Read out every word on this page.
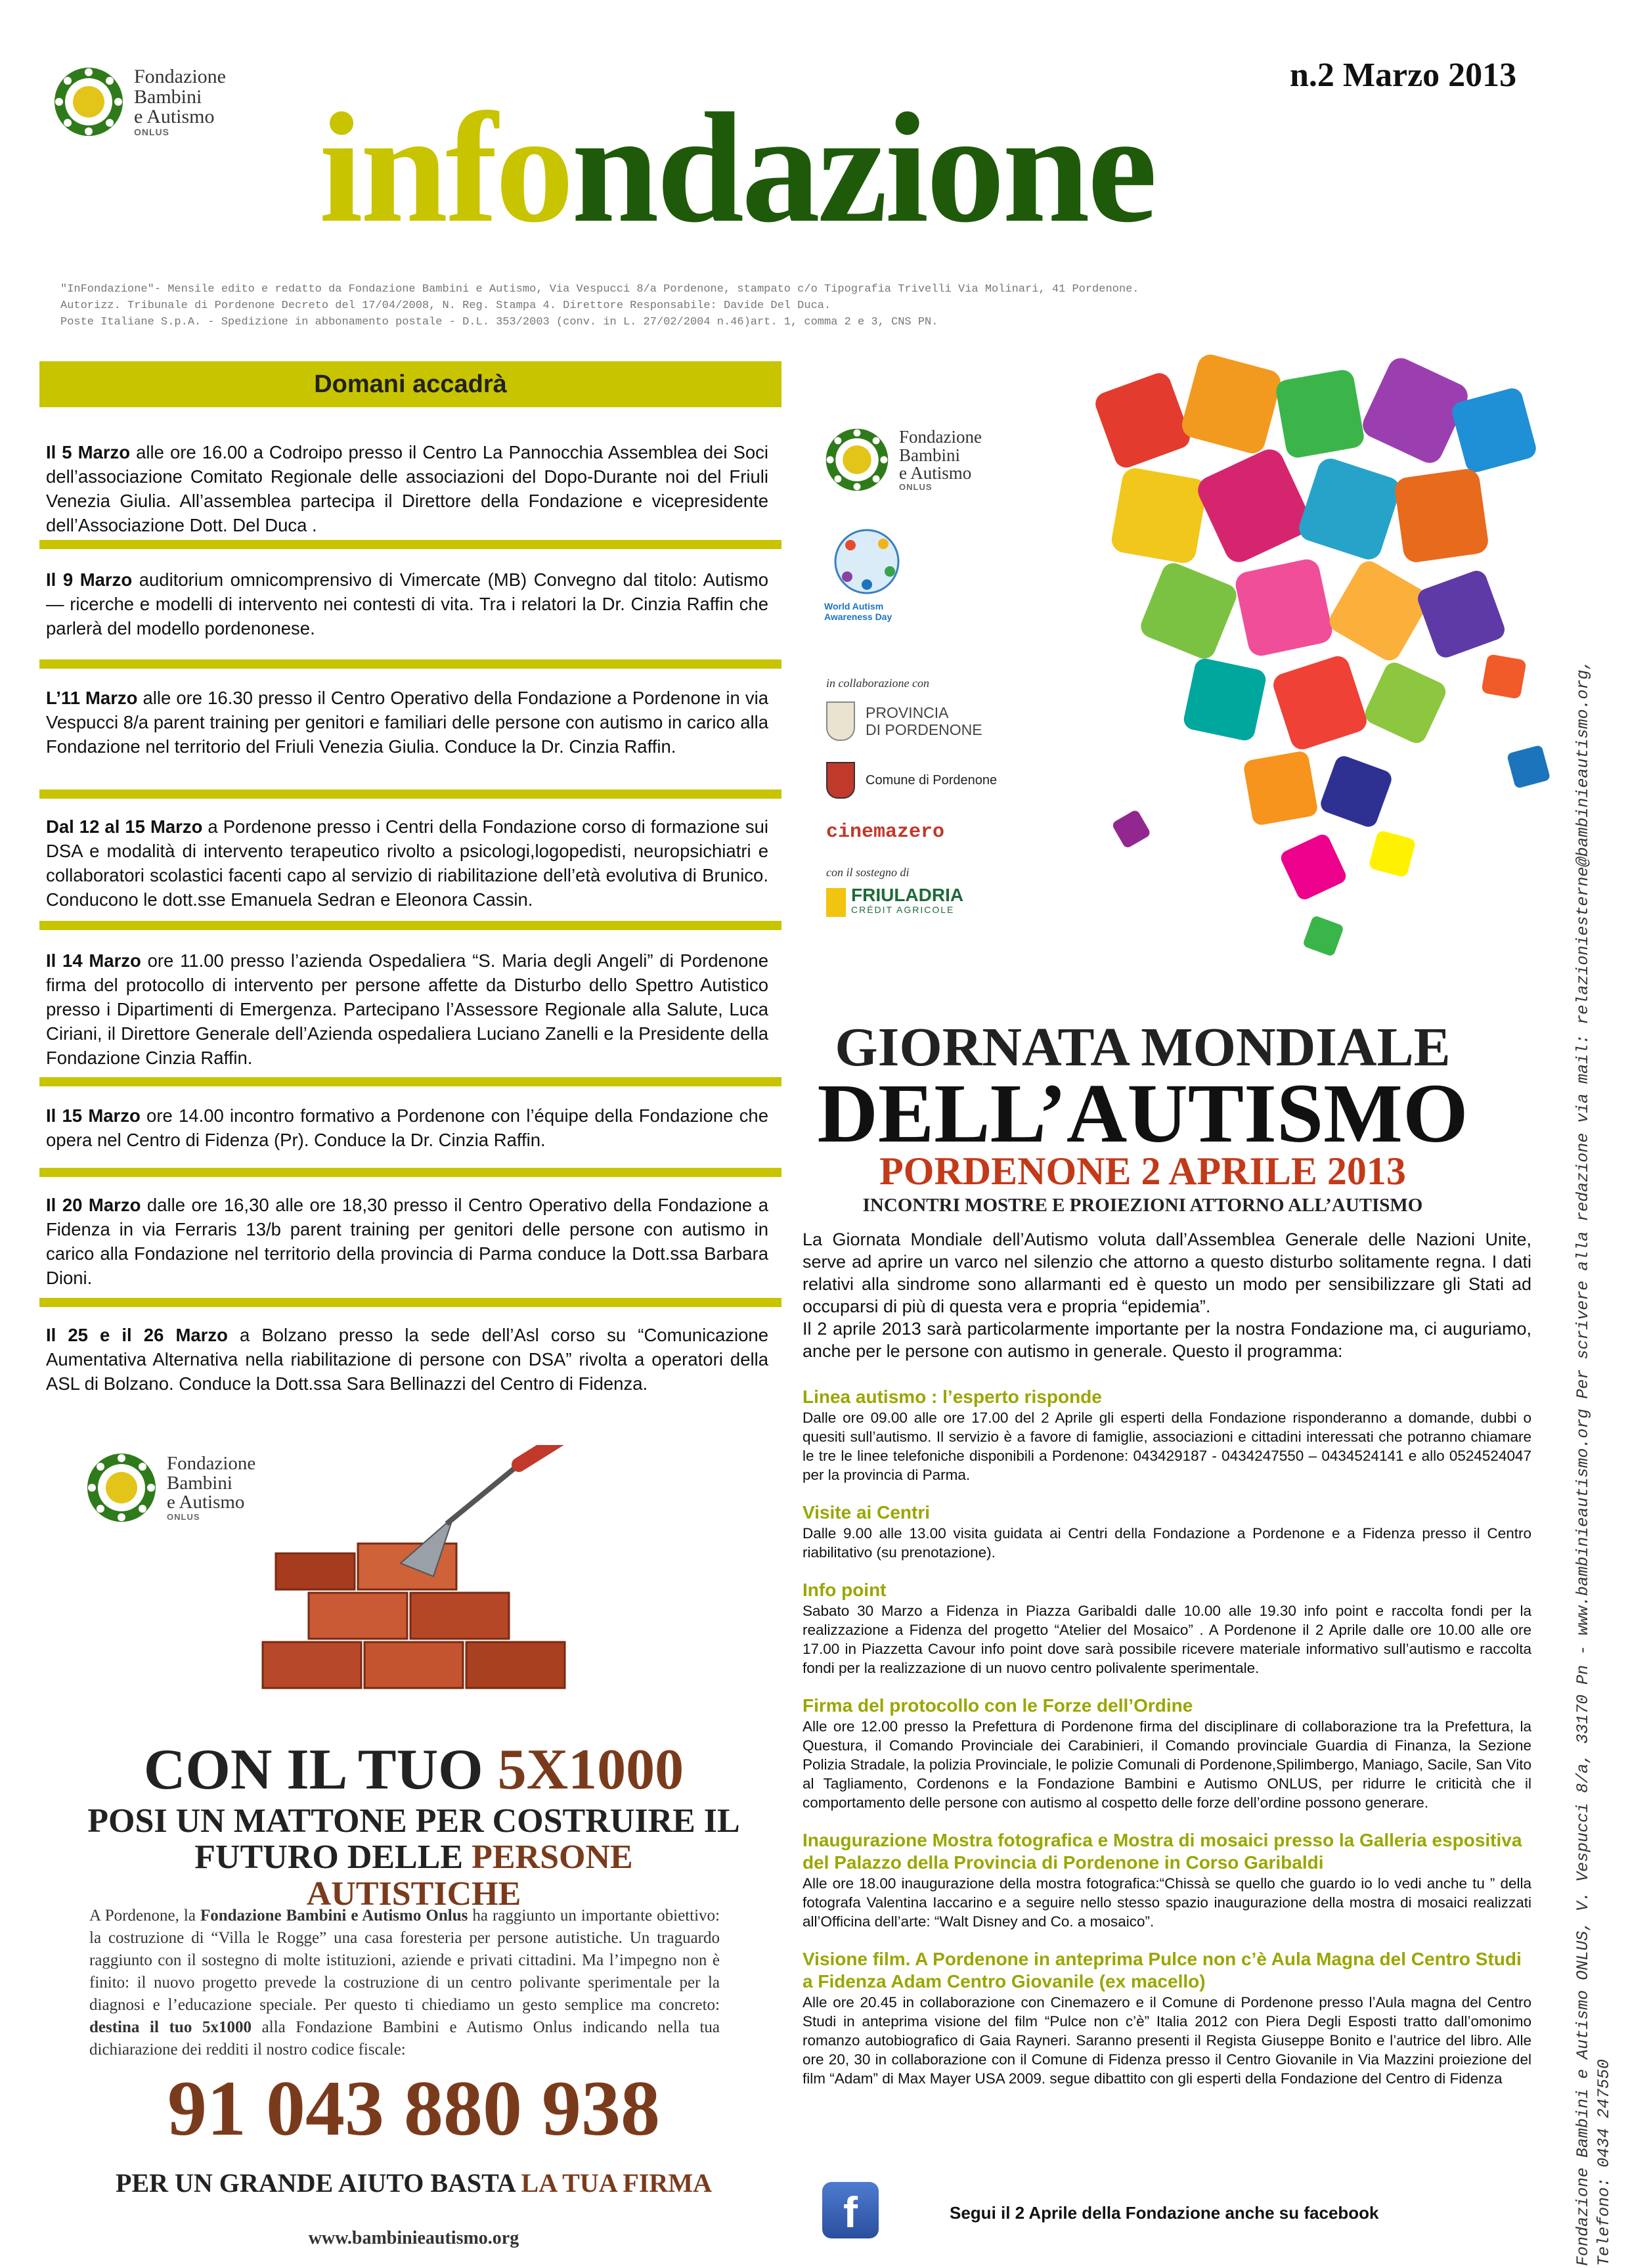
Fondazione
Bambini
e Autismo
ONLUS
n.2 Marzo 2013
infondazione
"InFondazione"- Mensile edito e redatto da Fondazione Bambini e Autismo, Via Vespucci 8/a Pordenone, stampato c/o Tipografia Trivelli Via Molinari, 41 Pordenone.
Autorizz. Tribunale di Pordenone Decreto del 17/04/2008, N. Reg. Stampa 4. Direttore Responsabile: Davide Del Duca.
Poste Italiane S.p.A. - Spedizione in abbonamento postale - D.L. 353/2003 (conv. in L. 27/02/2004 n.46)art. 1, comma 2 e 3, CNS PN.
Domani accadrà
Il 5 Marzo alle ore 16.00 a Codroipo presso il Centro La Pannocchia Assemblea dei Soci dell’associazione Comitato Regionale delle associazioni del Dopo-Durante noi del Friuli Venezia Giulia. All’assemblea partecipa il Direttore della Fondazione e vicepresidente dell’Associazione Dott. Del Duca .
Il 9 Marzo auditorium omnicomprensivo di Vimercate (MB) Convegno dal titolo: Autismo — ricerche e modelli di intervento nei contesti di vita. Tra i relatori la Dr. Cinzia Raffin che parlerà del modello pordenonese.
L’11 Marzo alle ore 16.30 presso il Centro Operativo della Fondazione a Pordenone in via Vespucci 8/a parent training per genitori e familiari delle persone con autismo in carico alla Fondazione nel territorio del Friuli Venezia Giulia. Conduce la Dr. Cinzia Raffin.
Dal 12 al 15 Marzo a Pordenone presso i Centri della Fondazione corso di formazione sui DSA e modalità di intervento terapeutico rivolto a psicologi,logopedisti, neuropsichiatri e collaboratori scolastici facenti capo al servizio di riabilitazione dell’età evolutiva di Brunico. Conducono le dott.sse Emanuela Sedran e Eleonora Cassin.
Il 14 Marzo ore 11.00 presso l’azienda Ospedaliera “S. Maria degli Angeli” di Pordenone firma del protocollo di intervento per persone affette da Disturbo dello Spettro Autistico presso i Dipartimenti di Emergenza. Partecipano l’Assessore Regionale alla Salute, Luca Ciriani, il Direttore Generale dell’Azienda ospedaliera Luciano Zanelli e la Presidente della Fondazione Cinzia Raffin.
Il 15 Marzo ore 14.00 incontro formativo a Pordenone con l’équipe della Fondazione che opera nel Centro di Fidenza (Pr). Conduce la Dr. Cinzia Raffin.
Il 20 Marzo dalle ore 16,30 alle ore 18,30 presso il Centro Operativo della Fondazione a Fidenza in via Ferraris 13/b parent training per genitori delle persone con autismo in carico alla Fondazione nel territorio della provincia di Parma conduce la Dott.ssa Barbara Dioni.
Il 25 e il 26 Marzo a Bolzano presso la sede dell’Asl corso su “Comunicazione Aumentativa Alternativa nella riabilitazione di persone con DSA” rivolta a operatori della ASL di Bolzano. Conduce la Dott.ssa Sara Bellinazzi del Centro di Fidenza.
Fondazione
Bambini
e Autismo
ONLUS
CON IL TUO 5X1000
POSI UN MATTONE PER COSTRUIRE IL
FUTURO DELLE PERSONE AUTISTICHE
A Pordenone, la Fondazione Bambini e Autismo Onlus ha raggiunto un importante obiettivo: la costruzione di “Villa le Rogge” una casa foresteria per persone autistiche. Un traguardo raggiunto con il sostegno di molte istituzioni, aziende e privati cittadini. Ma l’impegno non è finito: il nuovo progetto prevede la costruzione di un centro polivante sperimentale per la diagnosi e l’educazione speciale. Per questo ti chiediamo un gesto semplice ma concreto: destina il tuo 5x1000 alla Fondazione Bambini e Autismo Onlus indicando nella tua dichiarazione dei redditi il nostro codice fiscale:
91 043 880 938
PER UN GRANDE AIUTO BASTA LA TUA FIRMA
www.bambinieautismo.org
Fondazione
Bambini
e Autismo
ONLUS
World Autism Awareness Day
in collaborazione con
PROVINCIA
DI PORDENONE
Comune di Pordenone
cinemazero
con il sostegno di
FRIULADRIA
CRÉDIT AGRICOLE
GIORNATA MONDIALE
DELL’AUTISMO
PORDENONE 2 APRILE 2013
INCONTRI MOSTRE E PROIEZIONI ATTORNO ALL’AUTISMO

La Giornata Mondiale dell’Autismo voluta dall’Assemblea Generale delle Nazioni Unite, serve ad aprire un varco nel silenzio che attorno a questo disturbo solitamente regna. I dati relativi alla sindrome sono allarmanti ed è questo un modo per sensibilizzare gli Stati ad occuparsi di più di questa vera e propria “epidemia”.

Il 2 aprile 2013 sarà particolarmente importante per la nostra Fondazione ma, ci auguriamo, anche per le persone con autismo in generale. Questo il programma:

Linea autismo : l’esperto risponde

Dalle ore 09.00 alle ore 17.00 del 2 Aprile gli esperti della Fondazione risponderanno a domande, dubbi o quesiti sull’autismo. Il servizio è a favore di famiglie, associazioni e cittadini interessati che potranno chiamare le tre le linee telefoniche disponibili a Pordenone: 043429187 - 0434247550 – 0434524141 e allo 0524524047 per la provincia di Parma.

Visite ai Centri

Dalle 9.00 alle 13.00 visita guidata ai Centri della Fondazione a Pordenone e a Fidenza presso il Centro riabilitativo (su prenotazione).

Info point

Sabato 30 Marzo a Fidenza in Piazza Garibaldi dalle 10.00 alle 19.30 info point e raccolta fondi per la realizzazione a Fidenza del progetto “Atelier del Mosaico” . A Pordenone il 2 Aprile dalle ore 10.00 alle ore 17.00 in Piazzetta Cavour info point dove sarà possibile ricevere materiale informativo sull’autismo e raccolta fondi per la realizzazione di un nuovo centro polivalente sperimentale.

Firma del protocollo con le Forze dell’Ordine

Alle ore 12.00 presso la Prefettura di Pordenone firma del disciplinare di collaborazione tra la Prefettura, la Questura, il Comando Provinciale dei Carabinieri, il Comando provinciale Guardia di Finanza, la Sezione Polizia Stradale, la polizia Provinciale, le polizie Comunali di Pordenone,Spilimbergo, Maniago, Sacile, San Vito al Tagliamento, Cordenons e la Fondazione Bambini e Autismo ONLUS, per ridurre le criticità che il comportamento delle persone con autismo al cospetto delle forze dell’ordine possono generare.

Inaugurazione Mostra fotografica e Mostra di mosaici presso la Galleria espositiva del Palazzo della Provincia di Pordenone in Corso Garibaldi

Alle ore 18.00 inaugurazione della mostra fotografica:“Chissà se quello che guardo io lo vedi anche tu ” della fotografa Valentina Iaccarino e a seguire nello stesso spazio inaugurazione della mostra di mosaici realizzati all’Officina dell’arte: “Walt Disney and Co. a mosaico”.

Visione film. A Pordenone in anteprima Pulce non c’è Aula Magna del Centro Studi a Fidenza Adam Centro Giovanile (ex macello)

Alle ore 20.45 in collaborazione con Cinemazero e il Comune di Pordenone presso l’Aula magna del Centro Studi in anteprima visione del film “Pulce non c’è” Italia 2012 con Piera Degli Esposti tratto dall’omonimo romanzo autobiografico di Gaia Rayneri. Saranno presenti il Regista Giuseppe Bonito e l’autrice del libro. Alle ore 20, 30 in collaborazione con il Comune di Fidenza presso il Centro Giovanile in Via Mazzini proiezione del film “Adam” di Max Mayer USA 2009. segue dibattito con gli esperti della Fondazione del Centro di Fidenza

f	Segui il 2 Aprile della Fondazione anche su facebook	Fondazione Bambini e Autismo ONLUS, V. Vespucci 8/a, 33170 Pn - www.bambinieautismo.org Per scrivere alla redazione via mail: relazioniesterne@bambinieautismo.org, Telefono: 0434 247550
